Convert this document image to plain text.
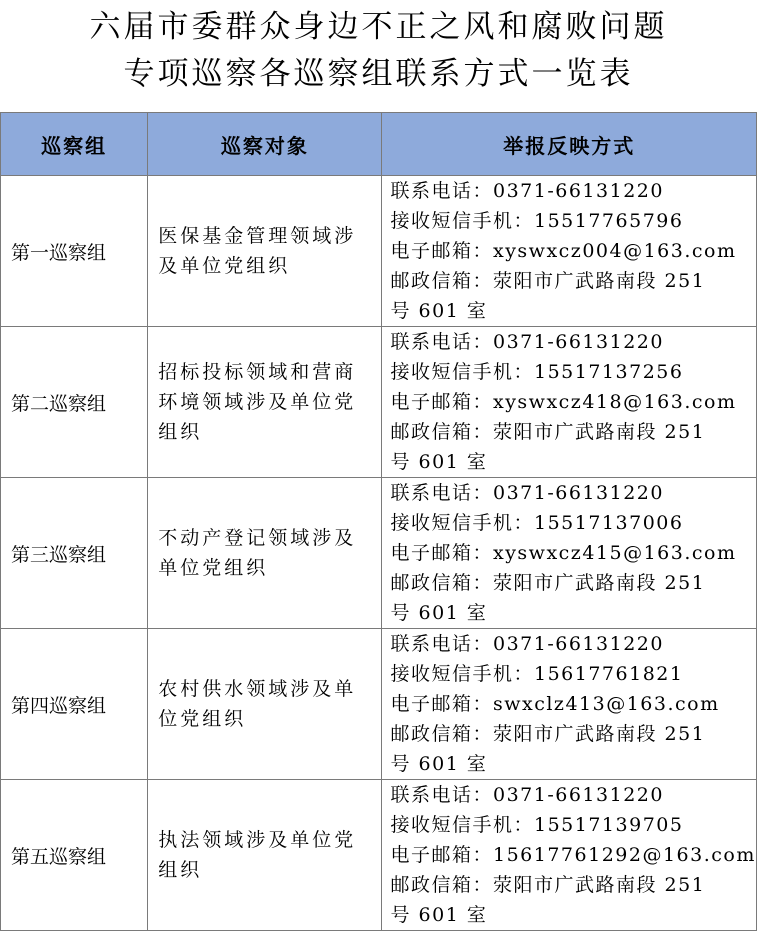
六届市委群众身边不正之风和腐败问题
专项巡察各巡察组联系方式一览表
巡察组	巡察对象	举报反映方式
第一巡察组	医保基金管理领域涉及单位党组织	联系电话：0371-66131220
接收短信手机：15517765796
电子邮箱：xyswxcz004@163.com
邮政信箱：荥阳市广武路南段 251
号 601 室

第二巡察组	招标投标领域和营商环境领域涉及单位党组织	联系电话：0371-66131220
接收短信手机：15517137256
电子邮箱：xyswxcz418@163.com
邮政信箱：荥阳市广武路南段 251
号 601 室

第三巡察组	不动产登记领域涉及单位党组织	联系电话：0371-66131220
接收短信手机：15517137006
电子邮箱：xyswxcz415@163.com
邮政信箱：荥阳市广武路南段 251
号 601 室

第四巡察组	农村供水领域涉及单位党组织	联系电话：0371-66131220
接收短信手机：15617761821
电子邮箱：swxclz413@163.com
邮政信箱：荥阳市广武路南段 251
号 601 室

第五巡察组	执法领域涉及单位党组织	联系电话：0371-66131220
接收短信手机：15517139705
电子邮箱：15617761292@163.com
邮政信箱：荥阳市广武路南段 251
号 601 室
